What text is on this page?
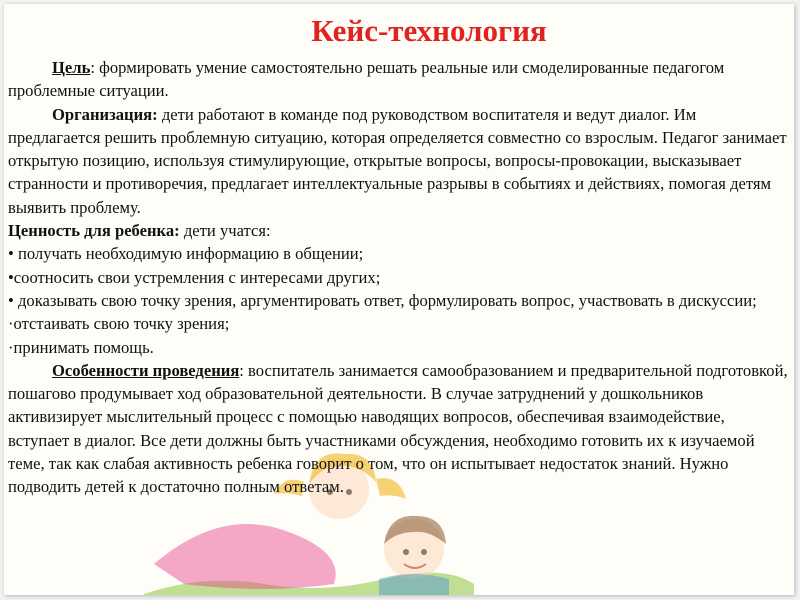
Кейс-технология

Цель: формировать умение самостоятельно решать реальные или смоделированные педагогом проблемные ситуации.

Организация: дети работают в команде под руководством воспитателя и ведут диалог. Им предлагается решить проблемную ситуацию, которая определяется совместно со взрослым. Педагог занимает открытую позицию, используя стимулирующие, открытые вопросы, вопросы-провокации, высказывает странности и противоречия, предлагает интеллектуальные разрывы в событиях и действиях, помогая детям выявить проблему.

Ценность для ребенка: дети учатся:

• получать необходимую информацию в общении;

•соотносить свои устремления с интересами других;

• доказывать свою точку зрения, аргументировать ответ, формулировать вопрос, участвовать в дискуссии;

·отстаивать свою точку зрения;

·принимать помощь.

Особенности проведения: воспитатель занимается самообразованием и предварительной подготовкой, пошагово продумывает ход образовательной деятельности. В случае затруднений у дошкольников активизирует мыслительный процесс с помощью наводящих вопросов, обеспечивая взаимодействие, вступает в диалог. Все дети должны быть участниками обсуждения, необходимо готовить их к изучаемой теме, так как слабая активность ребенка говорит о том, что он испытывает недостаток знаний. Нужно подводить детей к достаточно полным ответам.
